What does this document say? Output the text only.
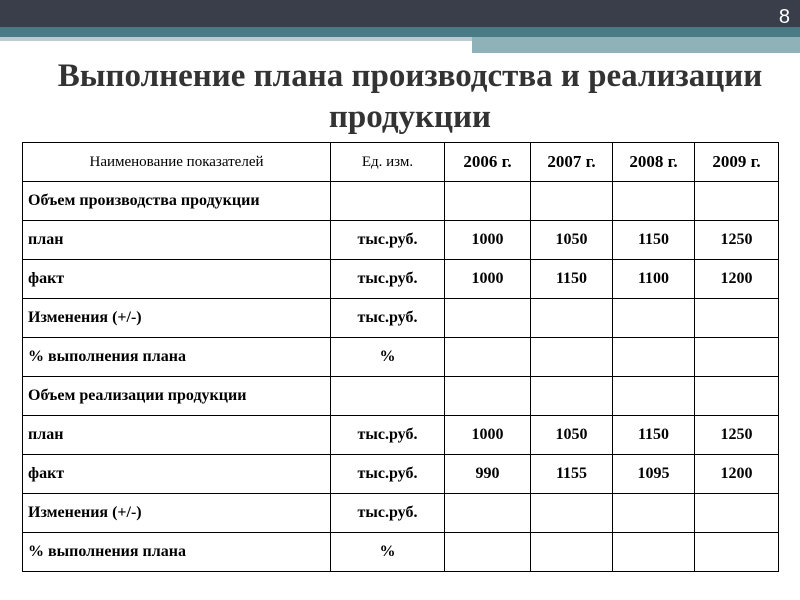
8
Выполнение плана производства и реализации продукции
Наименование показателей	Ед. изм.	2006 г.	2007 г.	2008 г.	2009 г.
Объем производства продукции					
план	тыс.руб.	1000	1050	1150	1250
факт	тыс.руб.	1000	1150	1100	1200
Изменения (+/-)	тыс.руб.				
% выполнения плана	%				
Объем реализации продукции					
план	тыс.руб.	1000	1050	1150	1250
факт	тыс.руб.	990	1155	1095	1200
Изменения (+/-)	тыс.руб.				
% выполнения плана	%				
